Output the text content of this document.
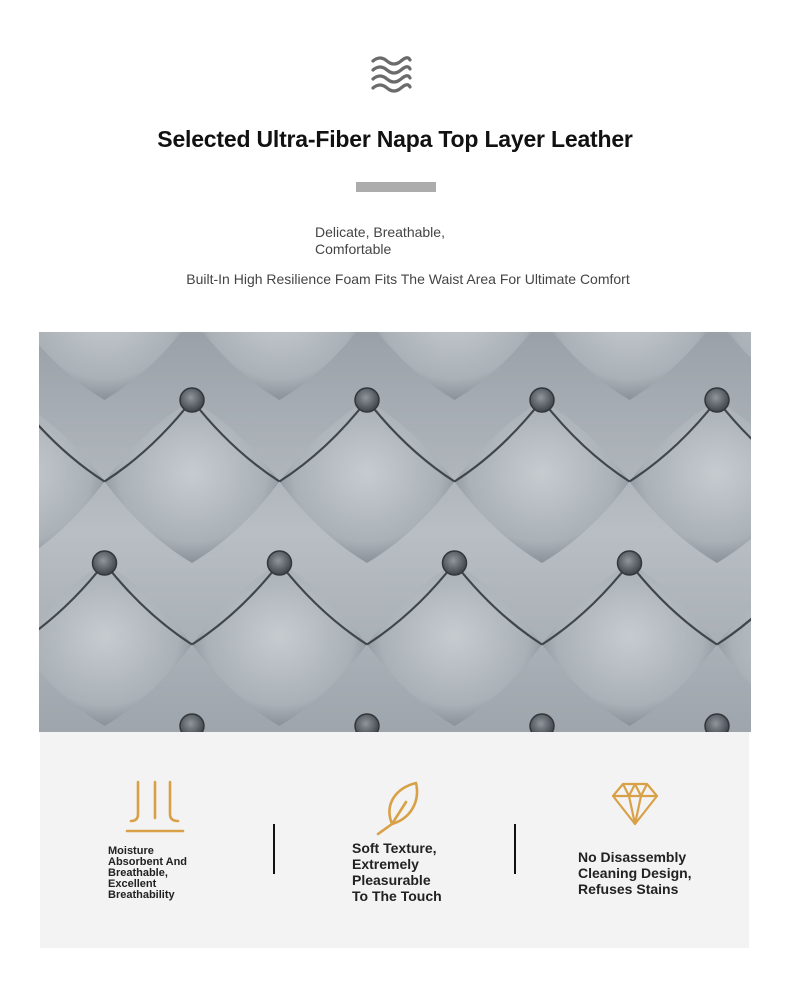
Selected Ultra-Fiber Napa Top Layer Leather
Delicate, Breathable,
Comfortable
Built-In High Resilience Foam Fits The Waist Area For Ultimate Comfort
Moisture
Absorbent And
Breathable,
Excellent
Breathability
Soft Texture,
Extremely
Pleasurable
To The Touch
No Disassembly
Cleaning Design,
Refuses Stains
